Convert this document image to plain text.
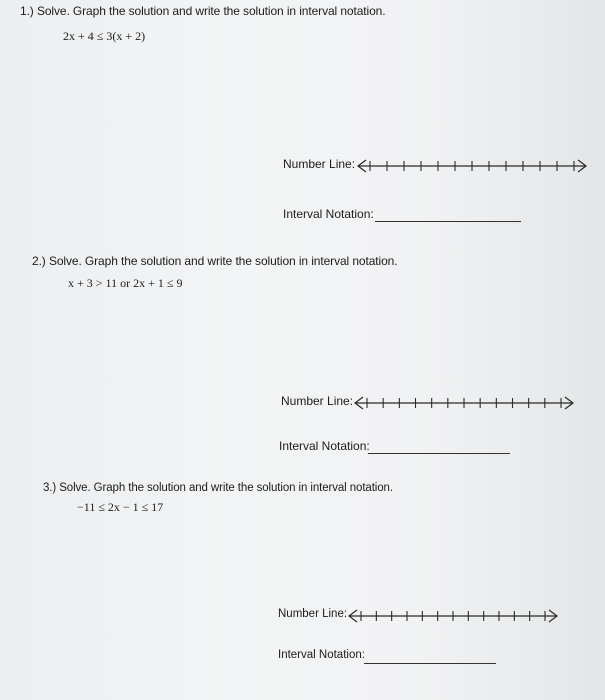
1.) Solve. Graph the solution and write the solution in interval notation.
2x + 4 ≤ 3(x + 2)
Number Line:
Interval Notation:
2.) Solve. Graph the solution and write the solution in interval notation.
x + 3 > 11 or 2x + 1 ≤ 9
Number Line:
Interval Notation:
3.) Solve. Graph the solution and write the solution in interval notation.
−11 ≤ 2x − 1 ≤ 17
Number Line:
Interval Notation:
